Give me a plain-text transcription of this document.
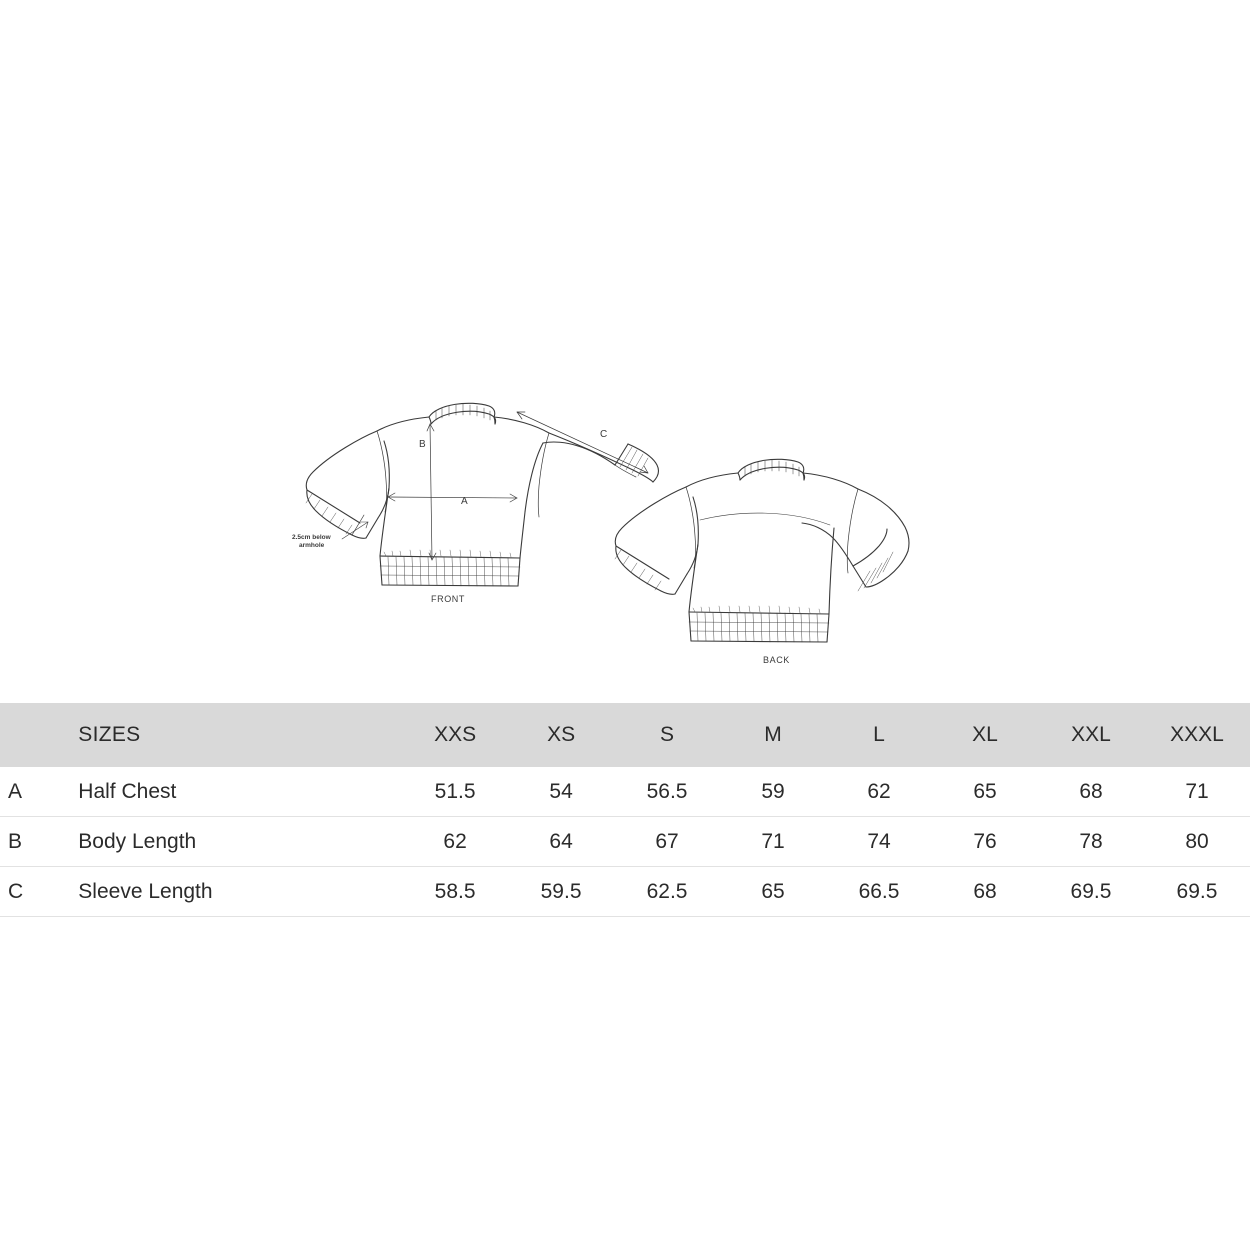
B
A
C
2.5cm below
armhole
FRONT
BACK
	SIZES	XXS	XS	S	M	L	XL	XXL	XXXL
A	Half Chest	51.5	54	56.5	59	62	65	68	71
B	Body Length	62	64	67	71	74	76	78	80
C	Sleeve Length	58.5	59.5	62.5	65	66.5	68	69.5	69.5
